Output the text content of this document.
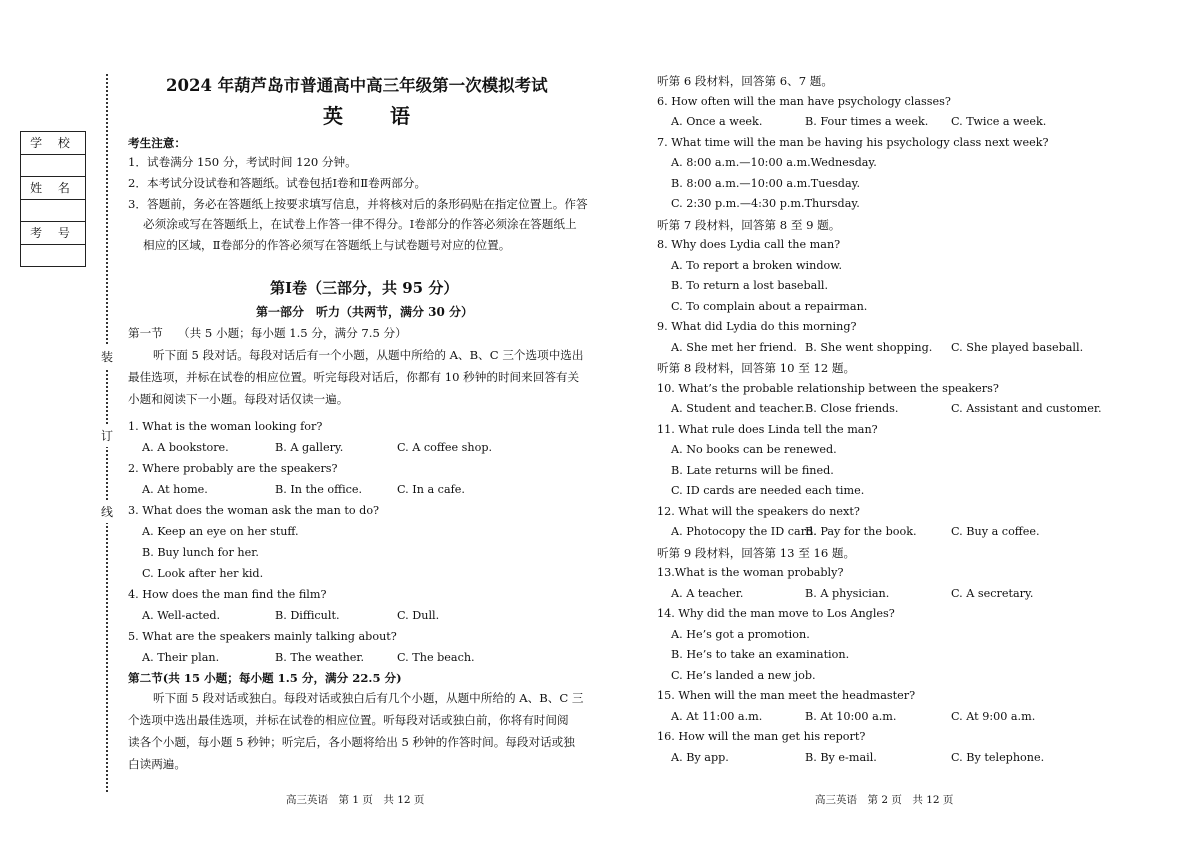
学 校

姓 名

考 号

装
订
线
2024 年葫芦岛市普通高中高三年级第一次模拟考试
英 语
考生注意：
1．试卷满分 150 分，考试时间 120 分钟。
2．本考试分设试卷和答题纸。试卷包括Ⅰ卷和Ⅱ卷两部分。
3．答题前，务必在答题纸上按要求填写信息，并将核对后的条形码贴在指定位置上。作答
必须涂或写在答题纸上，在试卷上作答一律不得分。Ⅰ卷部分的作答必须涂在答题纸上
相应的区域，Ⅱ卷部分的作答必须写在答题纸上与试卷题号对应的位置。
第Ⅰ卷（三部分，共 95 分）
第一部分　听力（共两节，满分 30 分）
第一节　 （共 5 小题；每小题 1.5 分，满分 7.5 分）
听下面 5 段对话。每段对话后有一个小题，从题中所给的 A、B、C 三个选项中选出
最佳选项，并标在试卷的相应位置。听完每段对话后，你都有 10 秒钟的时间来回答有关
小题和阅读下一小题。每段对话仅读一遍。
1. What is the woman looking for?
A. A bookstore.	B. A gallery.	C. A coffee shop.
2. Where probably are the speakers?
A. At home.	B. In the office.	C. In a cafe.
3. What does the woman ask the man to do?
A. Keep an eye on her stuff.
B. Buy lunch for her.
C. Look after her kid.
4. How does the man find the film?
A. Well-acted.	B. Difficult.	C. Dull.
5. What are the speakers mainly talking about?
A. Their plan.	B. The weather.	C. The beach.
第二节(共 15 小题；每小题 1.5 分，满分 22.5 分)
听下面 5 段对话或独白。每段对话或独白后有几个小题，从题中所给的 A、B、C 三
个选项中选出最佳选项，并标在试卷的相应位置。听每段对话或独白前，你将有时间阅
读各个小题，每小题 5 秒钟；听完后，各小题将给出 5 秒钟的作答时间。每段对话或独
白读两遍。
高三英语　第 1 页　共 12 页
听第 6 段材料，回答第 6、7 题。
6. How often will the man have psychology classes?
A. Once a week.	B. Four times a week. C. Twice a week.
7. What time will the man be having his psychology class next week?
A. 8:00 a.m.—10:00 a.m.Wednesday.
B. 8:00 a.m.—10:00 a.m.Tuesday.
C. 2:30 p.m.—4:30 p.m.Thursday.
听第 7 段材料，回答第 8 至 9 题。
8. Why does Lydia call the man?
A. To report a broken window.
B. To return a lost baseball.
C. To complain about a repairman.
9. What did Lydia do this morning?
A. She met her friend. B. She went shopping. C. She played baseball.
听第 8 段材料，回答第 10 至 12 题。
10. What’s the probable relationship between the speakers?
A. Student and teacher. B. Close friends.	C. Assistant and customer.
11. What rule does Linda tell the man?
A. No books can be renewed.
B. Late returns will be fined.
C. ID cards are needed each time.
12. What will the speakers do next?
A. Photocopy the ID card.
B. Pay for the book.	C. Buy a coffee.
听第 9 段材料，回答第 13 至 16 题。
13.What is the woman probably?
A. A teacher.	B. A physician.	C. A secretary.
14. Why did the man move to Los Angles?
A. He’s got a promotion.
B. He’s to take an examination.
C. He’s landed a new job.
15. When will the man meet the headmaster?
A. At 11:00 a.m.	B. At 10:00 a.m.	C. At 9:00 a.m.
16. How will the man get his report?
A. By app.	B. By e-mail.	C. By telephone.
高三英语　第 2 页　共 12 页
